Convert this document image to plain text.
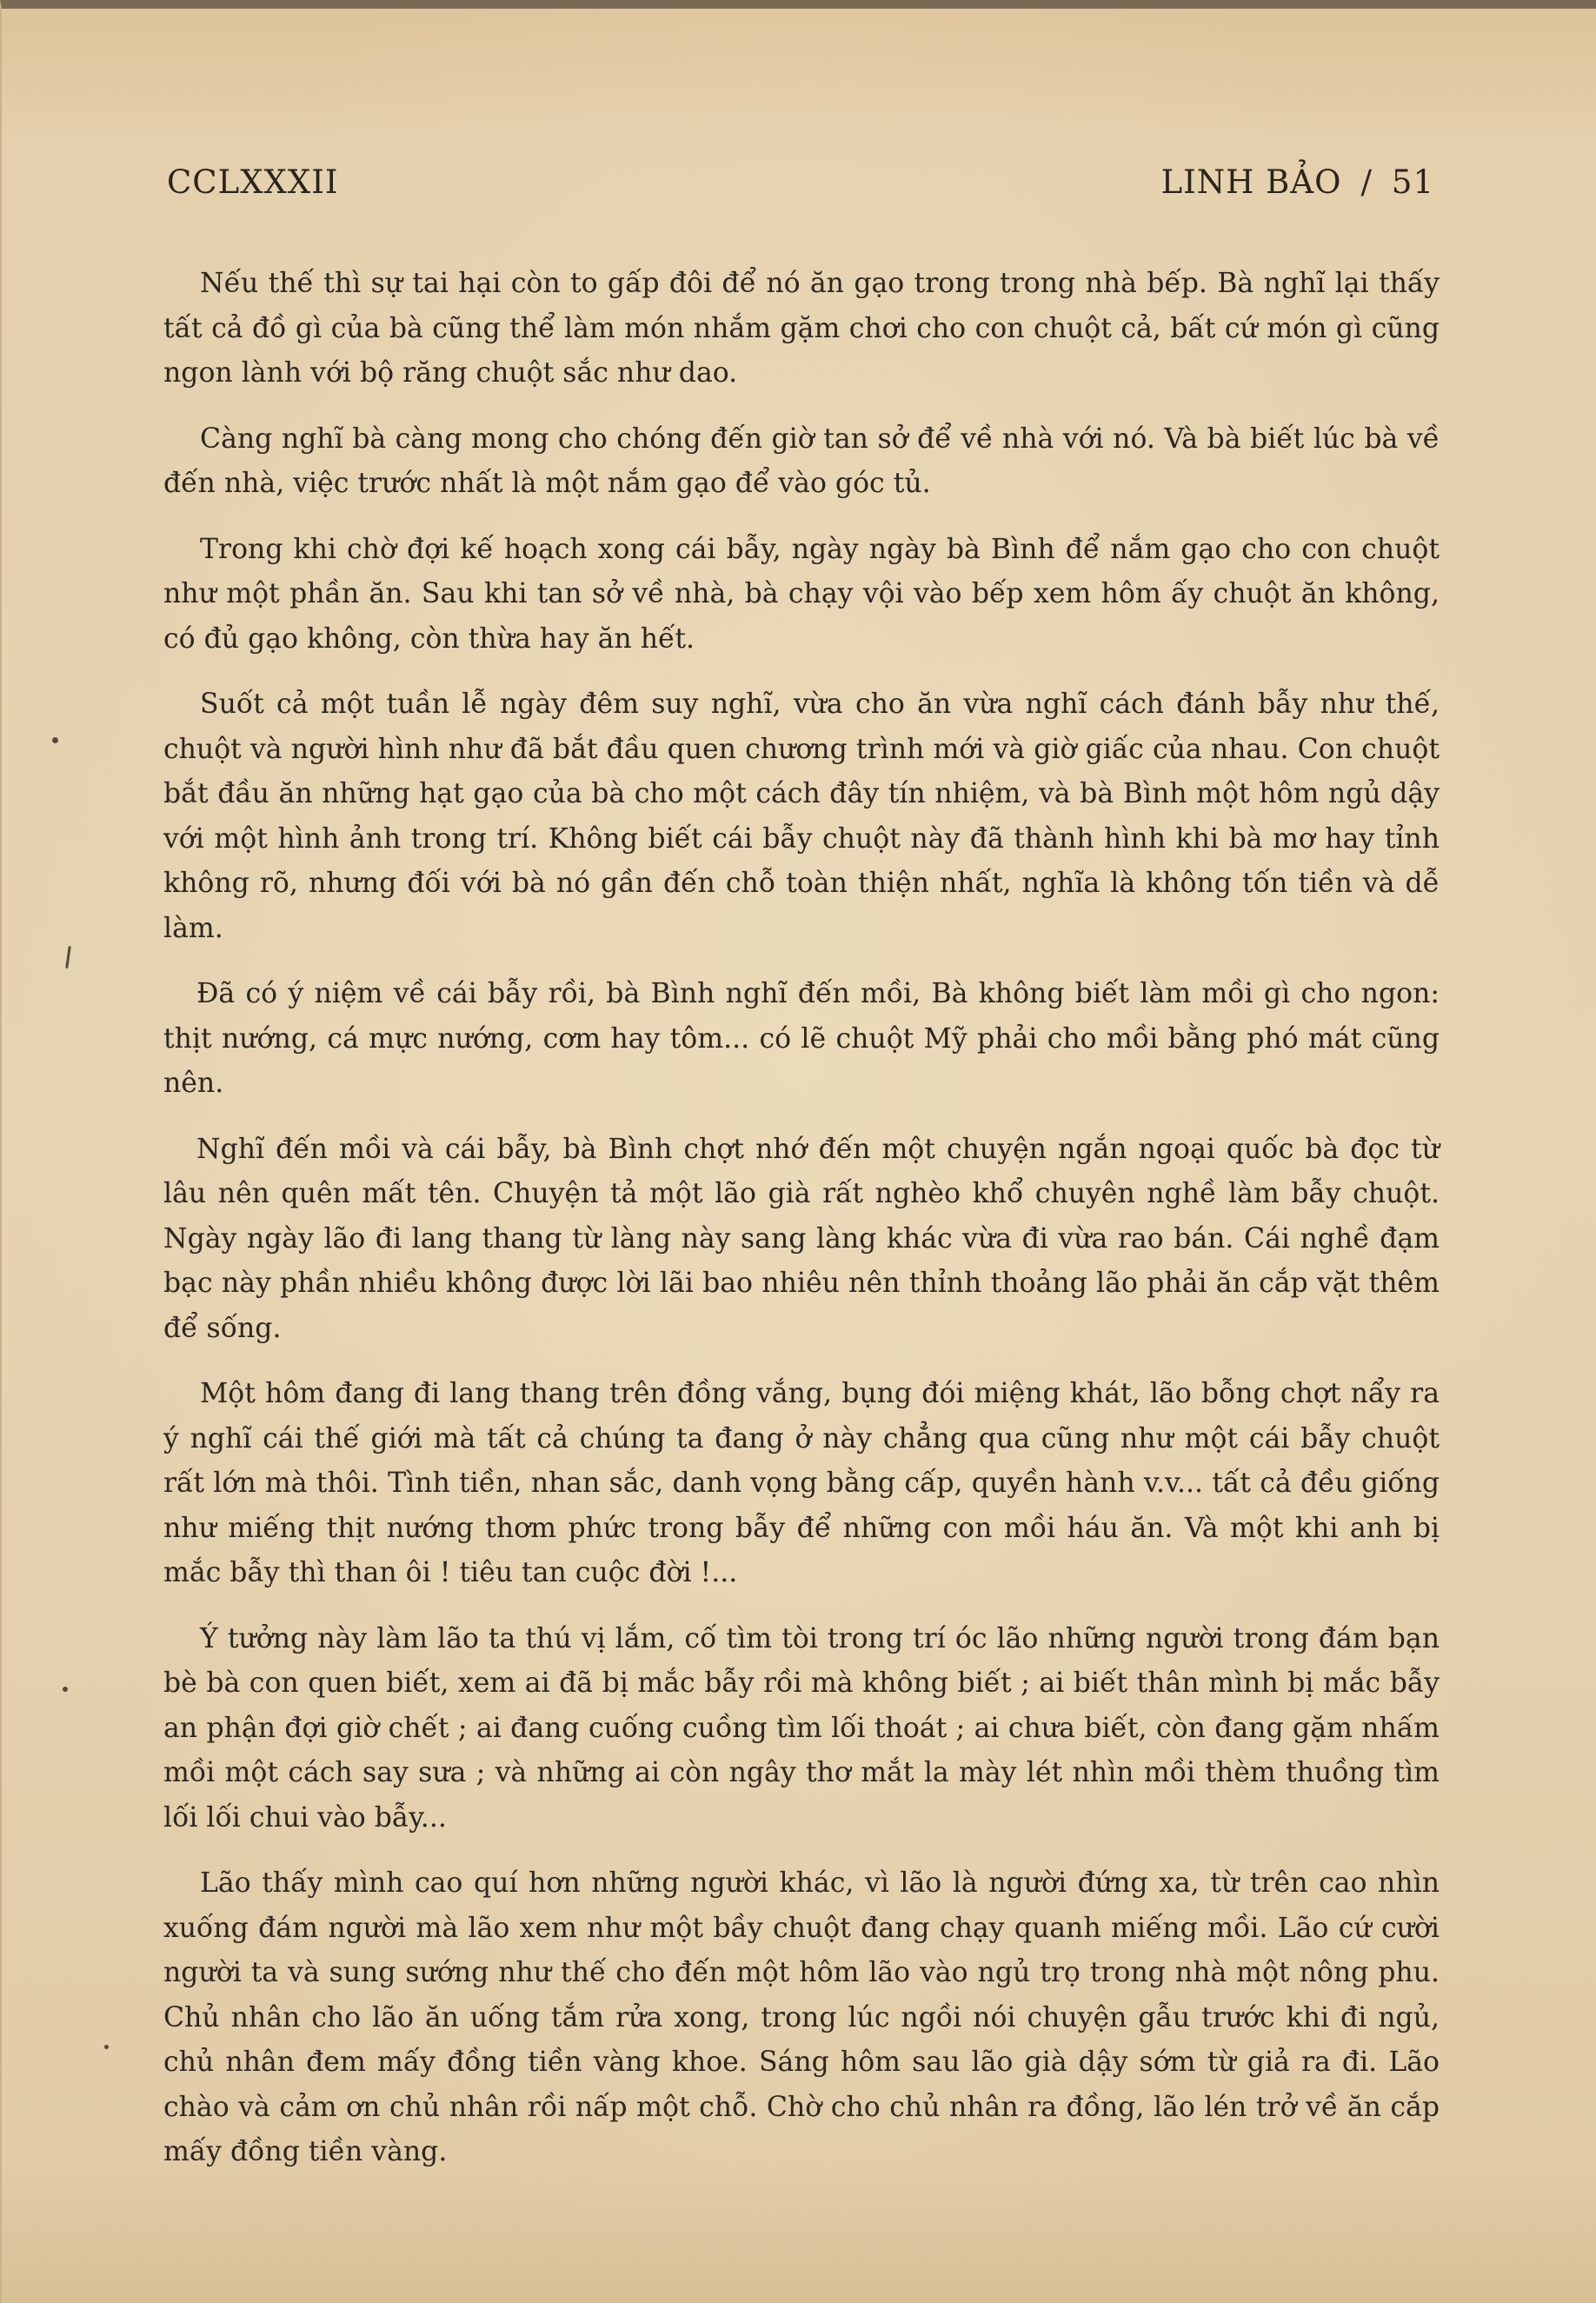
CCLXXXII	LINH BẢO / 51

Nếu thế thì sự tai hại còn to gấp đôi để nó ăn gạo trong trong nhà bếp. Bà nghĩ lại thấy tất cả đồ gì của bà cũng thể làm món nhắm gặm chơi cho con chuột cả, bất cứ món gì cũng ngon lành với bộ răng chuột sắc như dao.

Càng nghĩ bà càng mong cho chóng đến giờ tan sở để về nhà với nó. Và bà biết lúc bà về đến nhà, việc trước nhất là một nắm gạo để vào góc tủ.

Trong khi chờ đợi kế hoạch xong cái bẫy, ngày ngày bà Bình để nắm gạo cho con chuột như một phần ăn. Sau khi tan sở về nhà, bà chạy vội vào bếp xem hôm ấy chuột ăn không, có đủ gạo không, còn thừa hay ăn hết.

Suốt cả một tuần lễ ngày đêm suy nghĩ, vừa cho ăn vừa nghĩ cách đánh bẫy như thế, chuột và người hình như đã bắt đầu quen chương trình mới và giờ giấc của nhau. Con chuột bắt đầu ăn những hạt gạo của bà cho một cách đây tín nhiệm, và bà Bình một hôm ngủ dậy với một hình ảnh trong trí. Không biết cái bẫy chuột này đã thành hình khi bà mơ hay tỉnh không rõ, nhưng đối với bà nó gần đến chỗ toàn thiện nhất, nghĩa là không tốn tiền và dễ làm.

Đã có ý niệm về cái bẫy rồi, bà Bình nghĩ đến mồi, Bà không biết làm mồi gì cho ngon: thịt nướng, cá mực nướng, cơm hay tôm... có lẽ chuột Mỹ phải cho mồi bằng phó mát cũng nên.

Nghĩ đến mồi và cái bẫy, bà Bình chợt nhớ đến một chuyện ngắn ngoại quốc bà đọc từ lâu nên quên mất tên. Chuyện tả một lão già rất nghèo khổ chuyên nghề làm bẫy chuột. Ngày ngày lão đi lang thang từ làng này sang làng khác vừa đi vừa rao bán. Cái nghề đạm bạc này phần nhiều không được lời lãi bao nhiêu nên thỉnh thoảng lão phải ăn cắp vặt thêm để sống.

Một hôm đang đi lang thang trên đồng vắng, bụng đói miệng khát, lão bỗng chợt nẩy ra ý nghĩ cái thế giới mà tất cả chúng ta đang ở này chẳng qua cũng như một cái bẫy chuột rất lớn mà thôi. Tình tiền, nhan sắc, danh vọng bằng cấp, quyền hành v.v... tất cả đều giống như miếng thịt nướng thơm phức trong bẫy để những con mồi háu ăn. Và một khi anh bị mắc bẫy thì than ôi ! tiêu tan cuộc đời !...

Ý tưởng này làm lão ta thú vị lắm, cố tìm tòi trong trí óc lão những người trong đám bạn bè bà con quen biết, xem ai đã bị mắc bẫy rồi mà không biết ; ai biết thân mình bị mắc bẫy an phận đợi giờ chết ; ai đang cuống cuồng tìm lối thoát ; ai chưa biết, còn đang gặm nhấm mồi một cách say sưa ; và những ai còn ngây thơ mắt la mày lét nhìn mồi thèm thuồng tìm lối lối chui vào bẫy...

Lão thấy mình cao quí hơn những người khác, vì lão là người đứng xa, từ trên cao nhìn xuống đám người mà lão xem như một bầy chuột đang chạy quanh miếng mồi. Lão cứ cười người ta và sung sướng như thế cho đến một hôm lão vào ngủ trọ trong nhà một nông phu. Chủ nhân cho lão ăn uống tắm rửa xong, trong lúc ngồi nói chuyện gẫu trước khi đi ngủ, chủ nhân đem mấy đồng tiền vàng khoe. Sáng hôm sau lão già dậy sớm từ giả ra đi. Lão chào và cảm ơn chủ nhân rồi nấp một chỗ. Chờ cho chủ nhân ra đồng, lão lén trở về ăn cắp mấy đồng tiền vàng.
